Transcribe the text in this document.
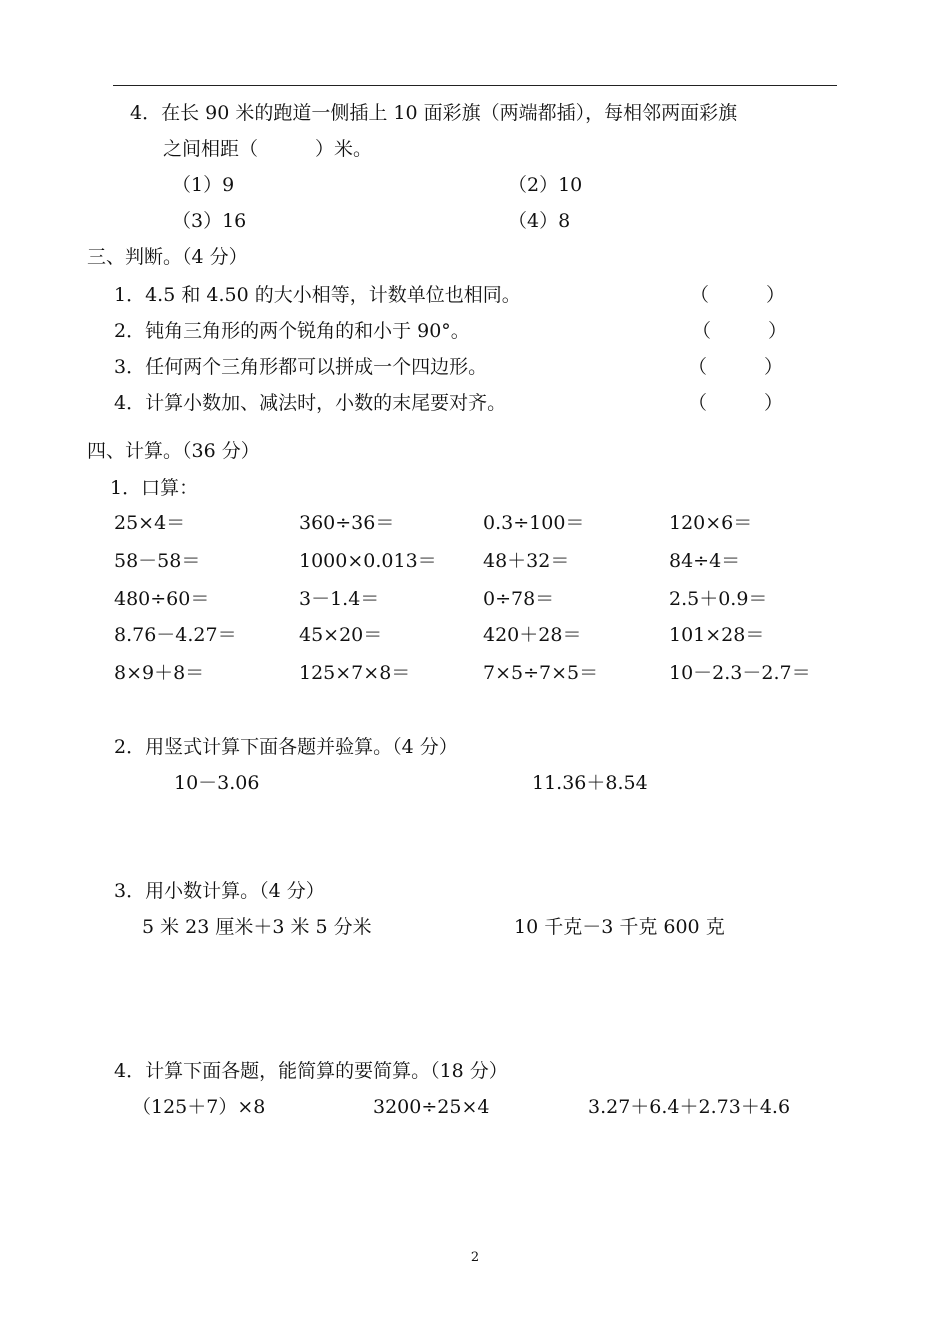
4．在长 90 米的跑道一侧插上 10 面彩旗（两端都插），每相邻两面彩旗
之间相距（　　　）米。
（1）9	（2）10
（3）16	（4）8
三、判断。（4 分）
1．4.5 和 4.50 的大小相等，计数单位也相同。	（　　　）
2．钝角三角形的两个锐角的和小于 90°。	（　　　）
3．任何两个三角形都可以拼成一个四边形。	（　　　）
4．计算小数加、减法时，小数的末尾要对齐。	（　　　）
四、计算。（36 分）
1．口算：
25×4＝	360÷36＝	0.3÷100＝	120×6＝
58－58＝	1000×0.013＝ 48＋32＝	84÷4＝
480÷60＝	3－1.4＝	0÷78＝	2.5＋0.9＝
8.76－4.27＝	45×20＝	420＋28＝	101×28＝
8×9＋8＝	125×7×8＝	7×5÷7×5＝	10－2.3－2.7＝
2．用竖式计算下面各题并验算。（4 分）
10－3.06	11.36＋8.54
3．用小数计算。（4 分）
5 米 23 厘米＋3 米 5 分米	10 千克－3 千克 600 克
4．计算下面各题，能简算的要简算。（18 分）
（125＋7）×8	3200÷25×4	3.27＋6.4＋2.73＋4.6
2
